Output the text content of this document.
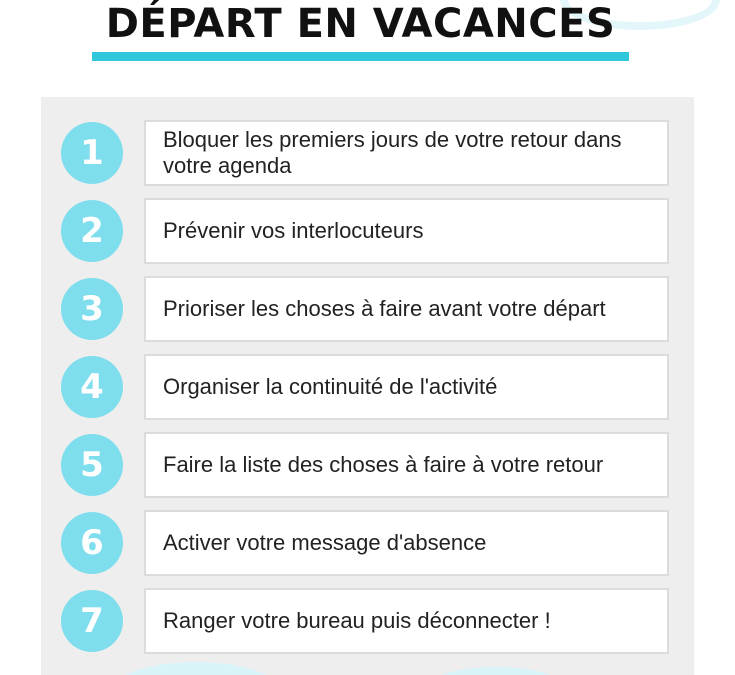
DÉPART EN VACANCES
1	Bloquer les premiers jours de votre retour dans votre agenda
2	Prévenir vos interlocuteurs
3	Prioriser les choses à faire avant votre départ
4	Organiser la continuité de l'activité
5	Faire la liste des choses à faire à votre retour
6	Activer votre message d'absence
7	Ranger votre bureau puis déconnecter !
